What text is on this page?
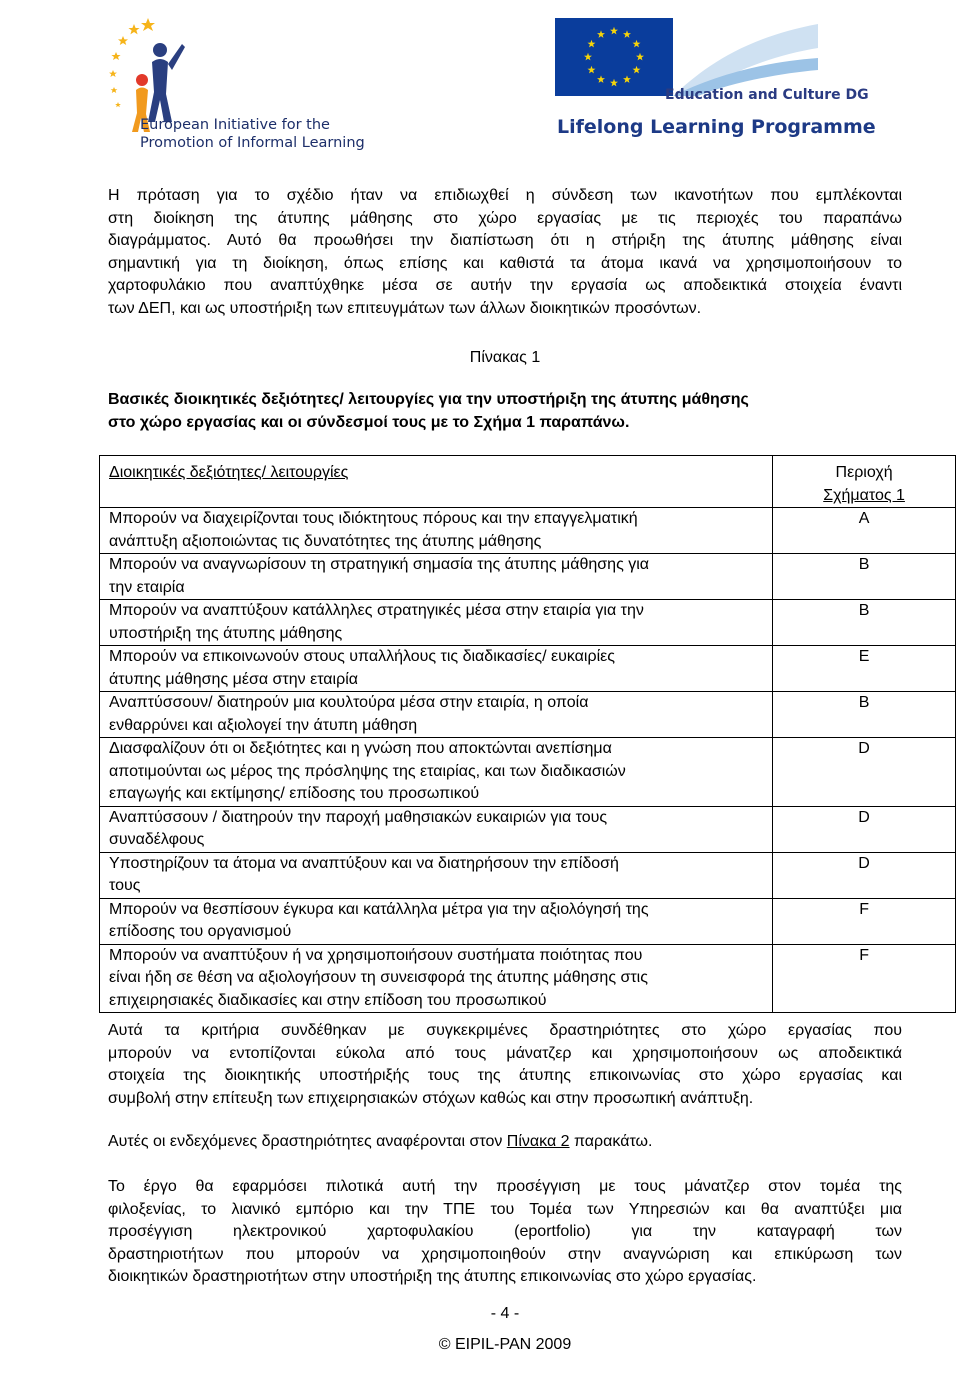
European Initiative for the
Promotion of Informal Learning
Education and Culture DG
Lifelong Learning Programme
Η πρόταση για το σχέδιο ήταν να επιδιωχθεί η σύνδεση των ικανοτήτων που εμπλέκονται
στη διοίκηση της άτυπης μάθησης στο χώρο εργασίας με τις περιοχές του παραπάνω
διαγράμματος. Αυτό θα προωθήσει την διαπίστωση ότι η στήριξη της άτυπης μάθησης είναι
σημαντική για τη διοίκηση, όπως επίσης και καθιστά τα άτομα ικανά να χρησιμοποιήσουν το
χαρτοφυλάκιο που αναπτύχθηκε μέσα σε αυτήν την εργασία ως αποδεικτικά στοιχεία έναντι
των ΔΕΠ, και ως υποστήριξη των επιτευγμάτων των άλλων διοικητικών προσόντων.
Πίνακας 1
Βασικές διοικητικές δεξιότητες/ λειτουργίες για την υποστήριξη της άτυπης μάθησης
στο χώρο εργασίας και οι σύνδεσμοί τους με το Σχήμα 1 παραπάνω.
Διοικητικές δεξιότητες/ λειτουργίες	Περιοχή
Σχήματος 1

Μπορούν να διαχειρίζονται τους ιδιόκτητους πόρους και την επαγγελματική
ανάπτυξη αξιοποιώντας τις δυνατότητες της άτυπης μάθησης	A

Μπορούν να αναγνωρίσουν τη στρατηγική σημασία της άτυπης μάθησης για
την εταιρία	B

Μπορούν να αναπτύξουν κατάλληλες στρατηγικές μέσα στην εταιρία για την
υποστήριξη της άτυπης μάθησης	B

Μπορούν να επικοινωνούν στους υπαλλήλους τις διαδικασίες/ ευκαιρίες
άτυπης μάθησης μέσα στην εταιρία	E

Αναπτύσσουν/ διατηρούν μια κουλτούρα μέσα στην εταιρία, η οποία
ενθαρρύνει και αξιολογεί την άτυπη μάθηση	B

Διασφαλίζουν ότι οι δεξιότητες και η γνώση που αποκτώνται ανεπίσημα
αποτιμούνται ως μέρος της πρόσληψης της εταιρίας, και των διαδικασιών
επαγωγής και εκτίμησης/ επίδοσης του προσωπικού	D

Αναπτύσσουν / διατηρούν την παροχή μαθησιακών ευκαιριών για τους
συναδέλφους	D

Υποστηρίζουν τα άτομα να αναπτύξουν και να διατηρήσουν την επίδοσή
τους	D

Μπορούν να θεσπίσουν έγκυρα και κατάλληλα μέτρα για την αξιολόγησή της
επίδοσης του οργανισμού	F

Μπορούν να αναπτύξουν ή να χρησιμοποιήσουν συστήματα ποιότητας που
είναι ήδη σε θέση να αξιολογήσουν τη συνεισφορά της άτυπης μάθησης στις
επιχειρησιακές διαδικασίες και στην επίδοση του προσωπικού	F
Αυτά τα κριτήρια συνδέθηκαν με συγκεκριμένες δραστηριότητες στο χώρο εργασίας που
μπορούν να εντοπίζονται εύκολα από τους μάνατζερ και χρησιμοποιήσουν ως αποδεικτικά
στοιχεία της διοικητικής υποστήριξής τους της άτυπης επικοινωνίας στο χώρο εργασίας και
συμβολή στην επίτευξη των επιχειρησιακών στόχων καθώς και στην προσωπική ανάπτυξη.
Αυτές οι ενδεχόμενες δραστηριότητες αναφέρονται στον Πίνακα 2 παρακάτω.
Το έργο θα εφαρμόσει πιλοτικά αυτή την προσέγγιση με τους μάνατζερ στον τομέα της
φιλοξενίας, το λιανικό εμπόριο και την ΤΠΕ του Τομέα των Υπηρεσιών και θα αναπτύξει μια
προσέγγιση ηλεκτρονικού χαρτοφυλακίου (eportfolio) για την καταγραφή των
δραστηριοτήτων που μπορούν να χρησιμοποιηθούν στην αναγνώριση και επικύρωση των
διοικητικών δραστηριοτήτων στην υποστήριξη της άτυπης επικοινωνίας στο χώρο εργασίας.
- 4 -
© EIPIL-PAN 2009
